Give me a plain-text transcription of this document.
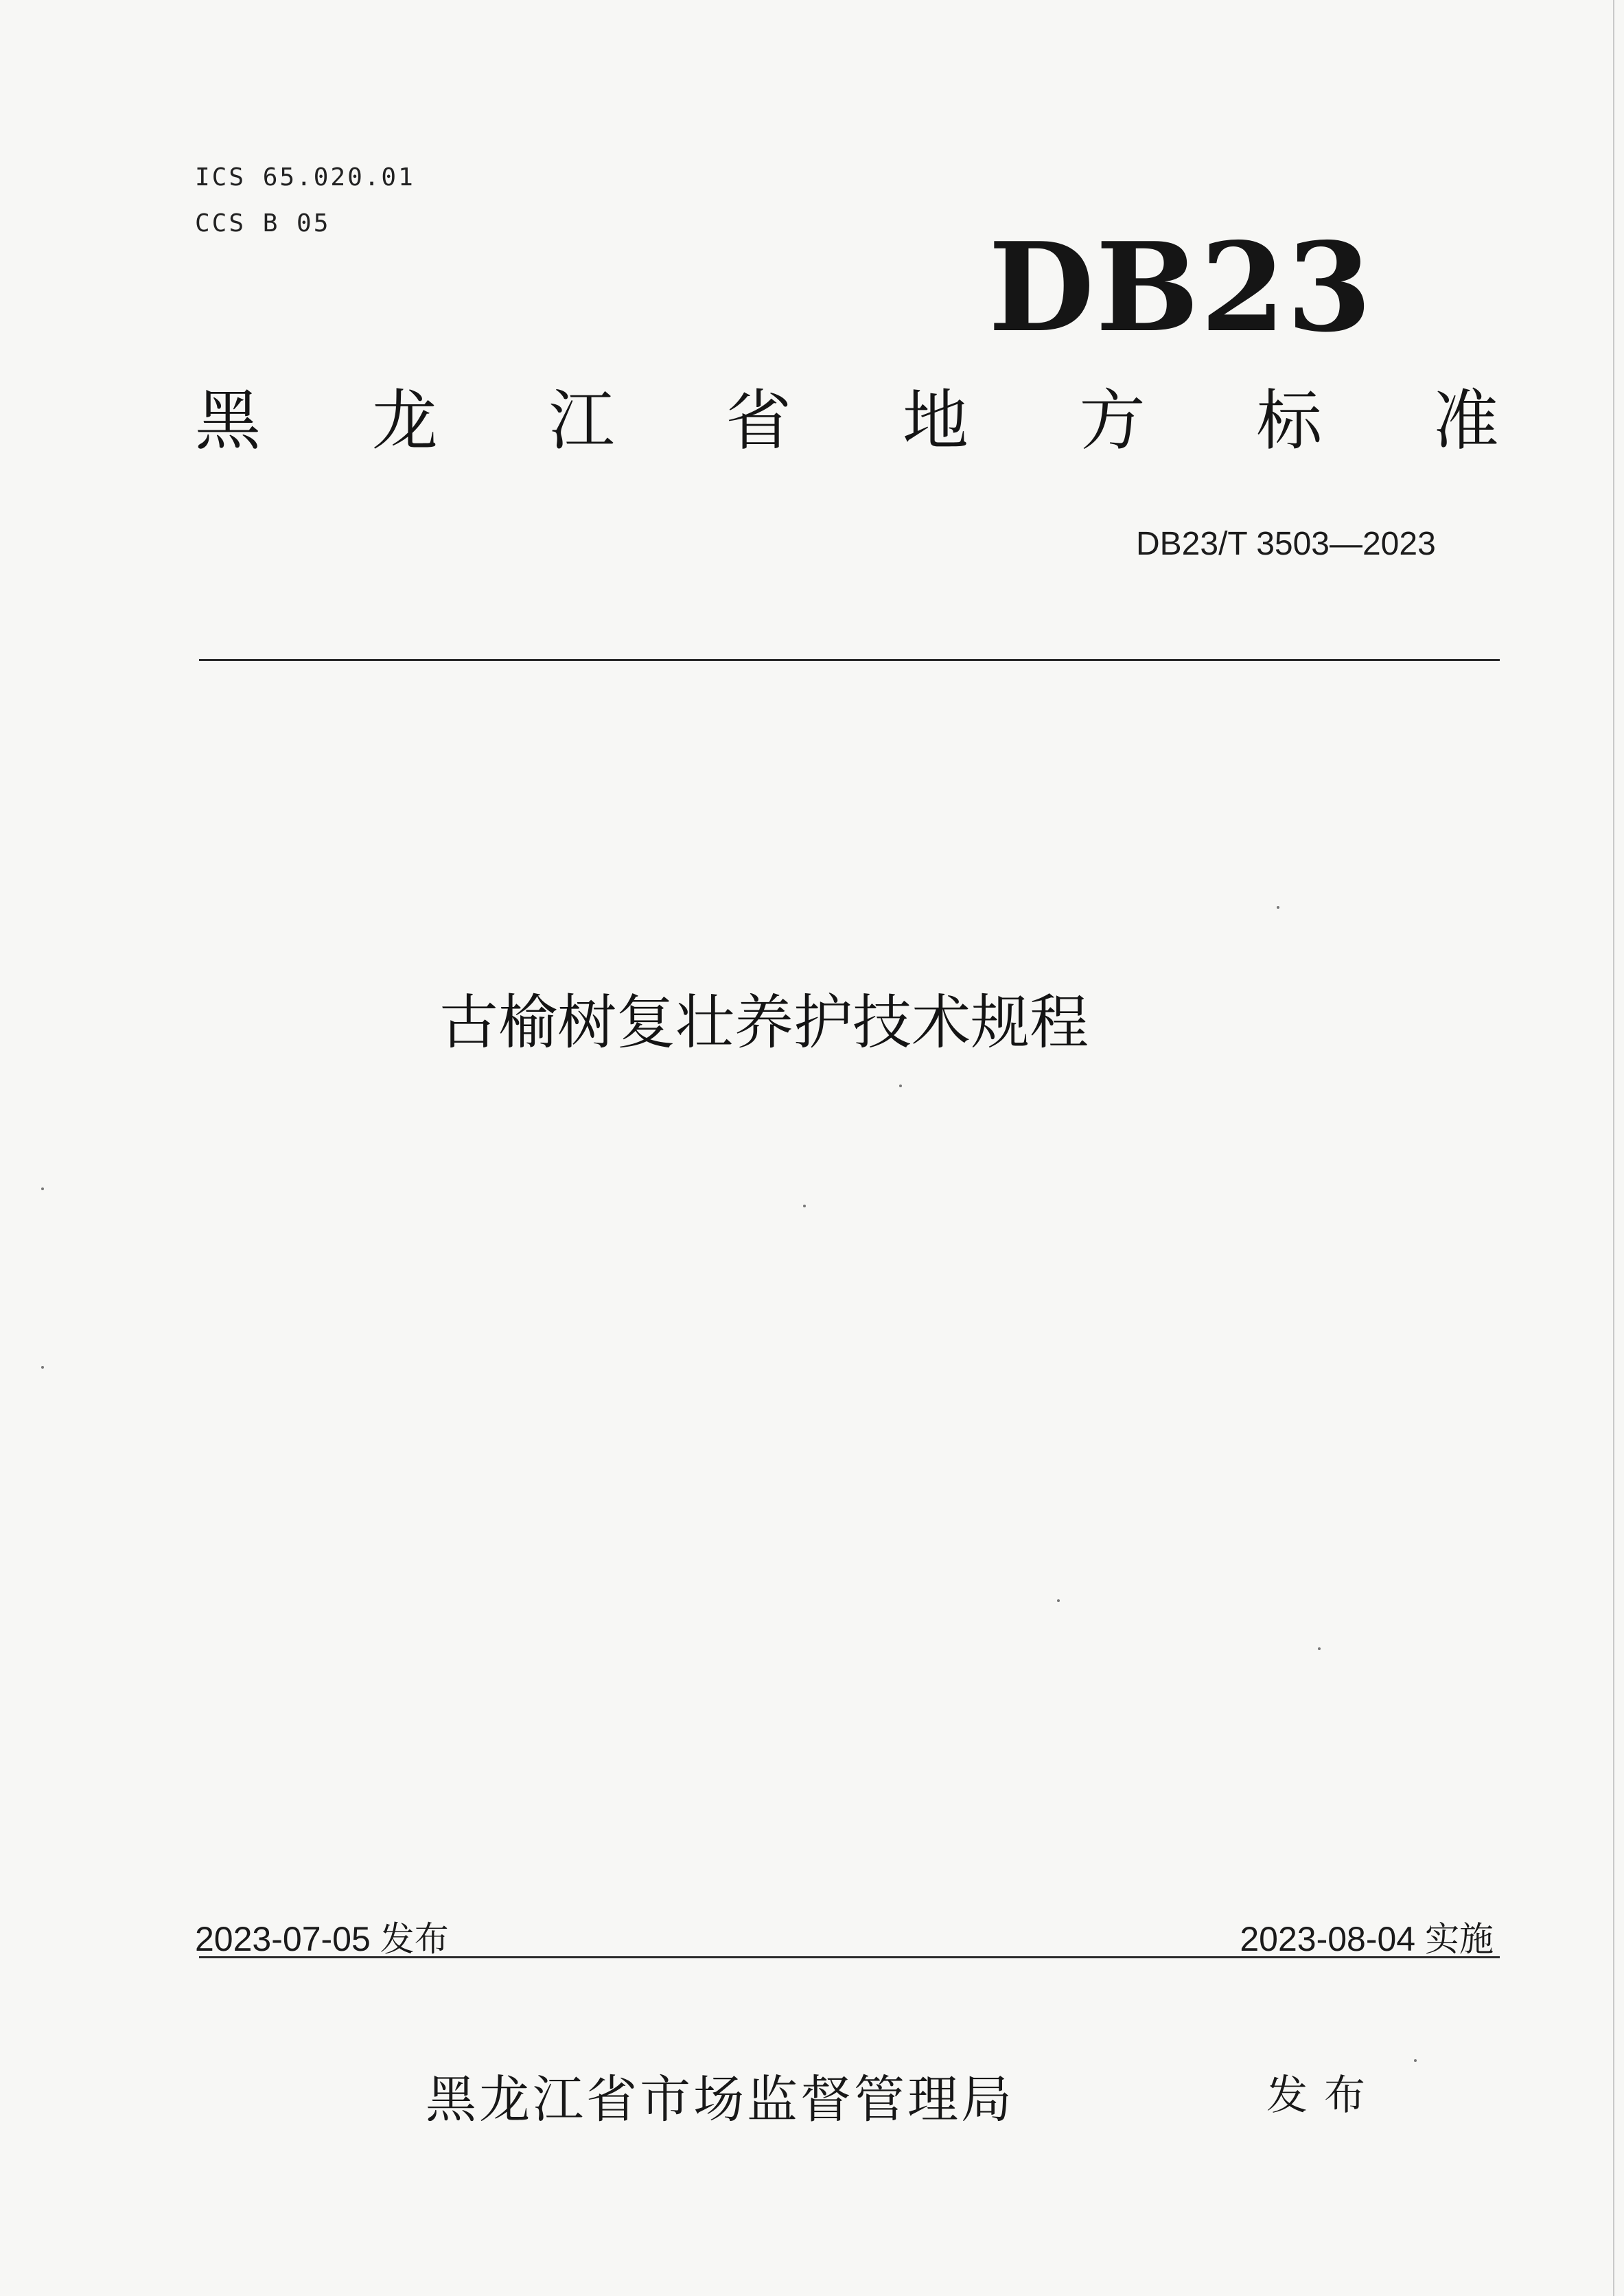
ICS 65.020.01
CCS B 05	DB23
黑 龙 江 省 地 方 标 准
DB23/T 3503—2023
古榆树复壮养护技术规程
2023-07-05 发布	2023-08-04 实施
黑龙江省市场监督管理局	发布
